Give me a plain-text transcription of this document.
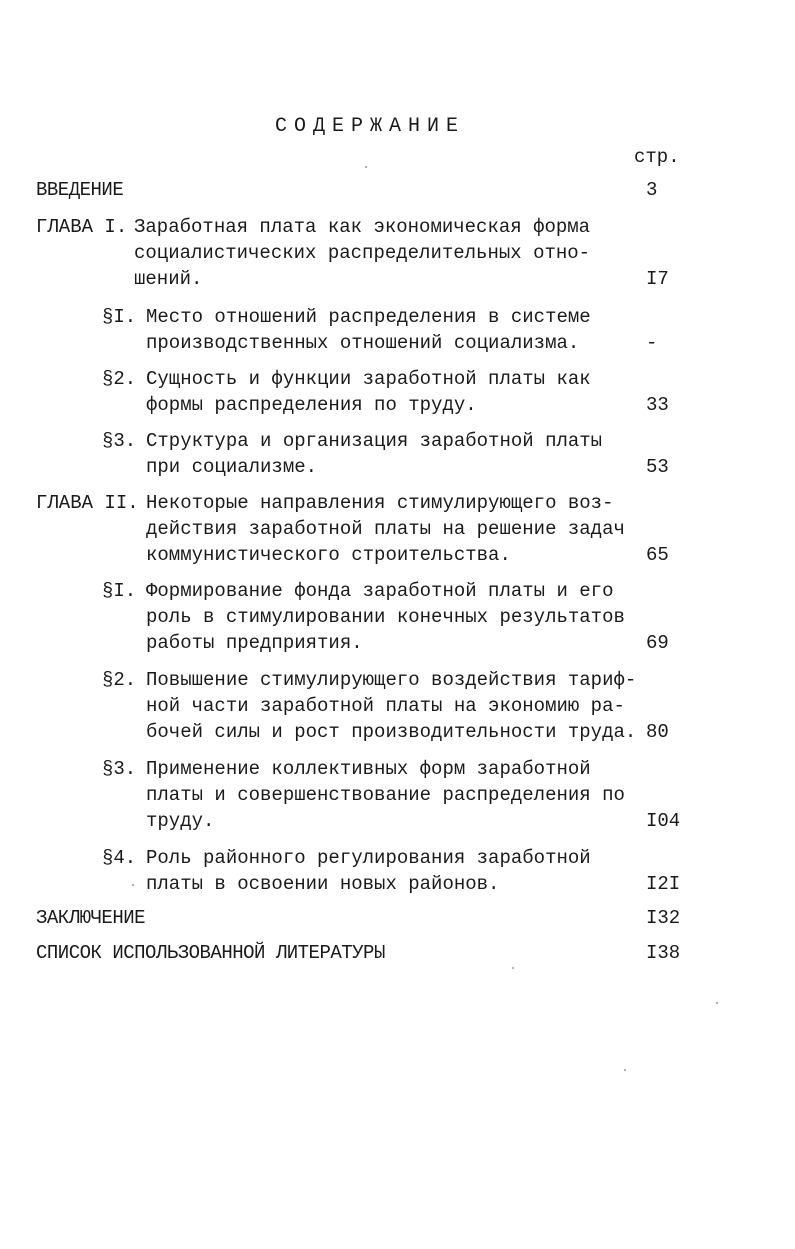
СОДЕРЖАНИЕ
стр.
ВВЕДЕНИЕ	3
ГЛАВА I. Заработная плата как экономическая форма
социалистических распределительных отно-
шений.	I7
§I. Место отношений распределения в системе
производственных отношений социализма.	-
§2. Сущность и функции заработной платы как
формы распределения по труду.	33
§3. Структура и организация заработной платы
при социализме.	53
ГЛАВА II. Некоторые направления стимулирующего воз-
действия заработной платы на решение задач
коммунистического строительства.	65
§I. Формирование фонда заработной платы и его
роль в стимулировании конечных результатов
работы предприятия.	69
§2. Повышение стимулирующего воздействия тариф-
ной части заработной платы на экономию ра-
бочей силы и рост производительности труда. 80
§3. Применение коллективных форм заработной
платы и совершенствование распределения по
труду.	I04
§4. Роль районного регулирования заработной
платы в освоении новых районов.	I2I
ЗАКЛЮЧЕНИЕ	I32
СПИСОК ИСПОЛЬЗОВАННОЙ ЛИТЕРАТУРЫ	I38
